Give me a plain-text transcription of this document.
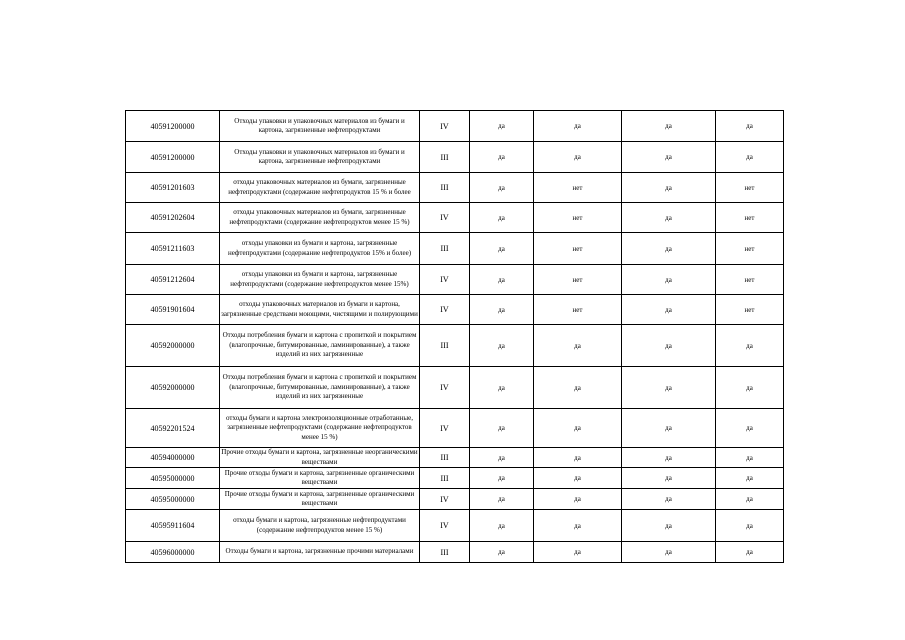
40591200000	Отходы упаковки и упаковочных материалов из бумаги и картона, загрязненные нефтепродуктами	IV	да	да	да	да
40591200000	Отходы упаковки и упаковочных материалов из бумаги и картона, загрязненные нефтепродуктами	III	да	да	да	да
40591201603	отходы упаковочных материалов из бумаги, загрязненные нефтепродуктами (содержание нефтепродуктов 15 % и более	III	да	нет	да	нет
40591202604	отходы упаковочных материалов из бумаги, загрязненные нефтепродуктами (содержание нефтепродуктов менее 15 %)	IV	да	нет	да	нет
40591211603	отходы упаковки из бумаги и картона, загрязненные нефтепродуктами (содержание нефтепродуктов 15% и более)	III	да	нет	да	нет
40591212604	отходы упаковки из бумаги и картона, загрязненные нефтепродуктами (содержание нефтепродуктов менее 15%)	IV	да	нет	да	нет
40591901604	отходы упаковочных материалов из бумаги и картона, загрязненные средствами моющими, чистящими и полирующими	IV	да	нет	да	нет
40592000000	Отходы потребления бумаги и картона с пропиткой и покрытием (влагопрочные, битумированные, ламинированные), а также изделий из них загрязненные	III	да	да	да	да
40592000000	Отходы потребления бумаги и картона с пропиткой и покрытием (влагопрочные, битумированные, ламинированные), а также изделий из них загрязненные	IV	да	да	да	да
40592201524	отходы бумаги и картона электроизоляционные отработанные, загрязненные нефтепродуктами (содержание нефтепродуктов менее 15 %)	IV	да	да	да	да
40594000000	Прочие отходы бумаги и картона, загрязненные неорганическими веществами	III	да	да	да	да
40595000000	Прочие отходы бумаги и картона, загрязненные органическими веществами	III	да	да	да	да
40595000000	Прочие отходы бумаги и картона, загрязненные органическими веществами	IV	да	да	да	да
40595911604	отходы бумаги и картона, загрязненные нефтепродуктами (содержание нефтепродуктов менее 15 %)	IV	да	да	да	да
40596000000	Отходы бумаги и картона, загрязненные прочими материалами	III	да	да	да	да
